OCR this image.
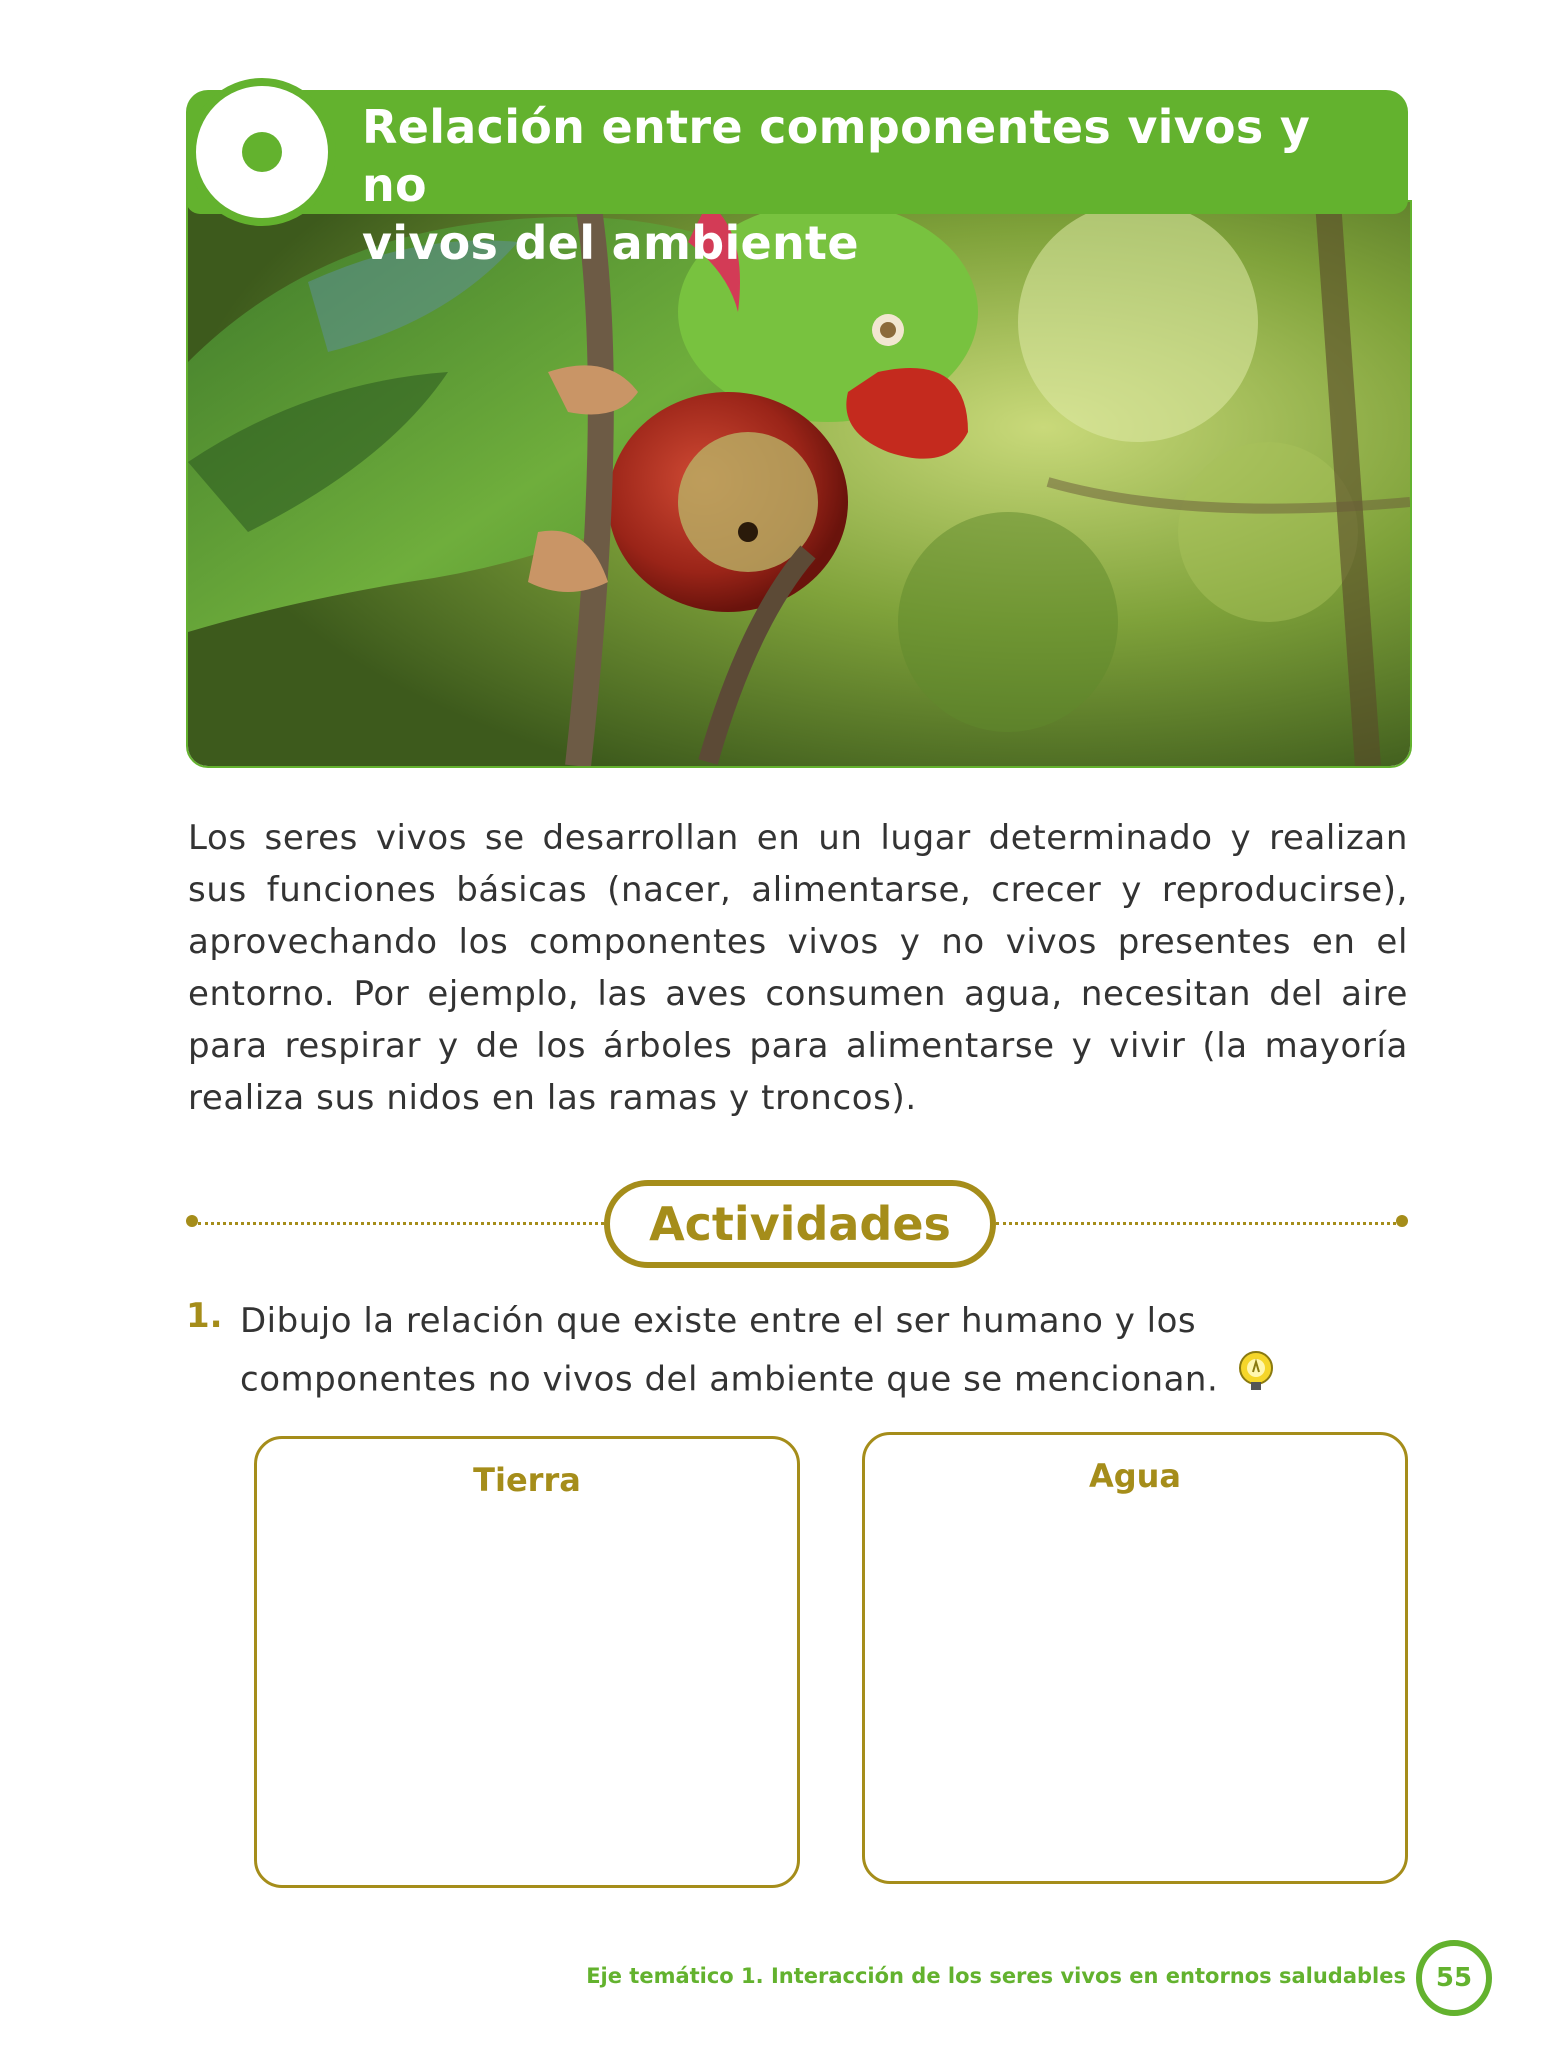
Relación entre componentes vivos y no
vivos del ambiente
Los seres vivos se desarrollan en un lugar determinado y realizan sus funciones básicas (nacer, alimentarse, crecer y reproducirse), aprovechando los componentes vivos y no vivos presentes en el entorno. Por ejemplo, las aves consumen agua, necesitan del aire para respirar y de los árboles para alimentarse y vivir (la mayoría realiza sus nidos en las ramas y troncos).
Actividades
1. Dibujo la relación que existe entre el ser humano y los componentes no vivos del ambiente que se mencionan.
Tierra	Agua
Eje temático 1. Interacción de los seres vivos en entornos saludables 55
